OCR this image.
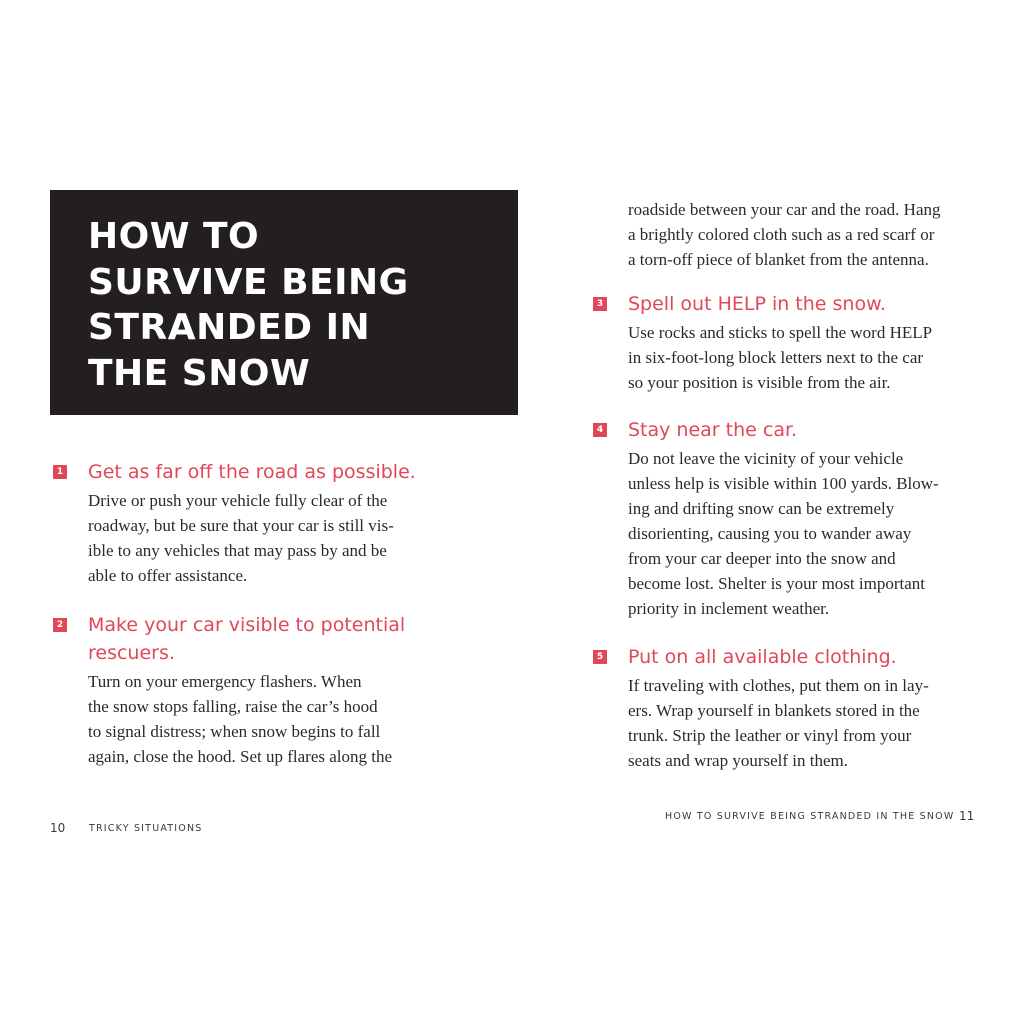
HOW TO
SURVIVE BEING
STRANDED IN
THE SNOW
1 Get as far off the road as possible.
Drive or push your vehicle fully clear of the
roadway, but be sure that your car is still vis-
ible to any vehicles that may pass by and be
able to offer assistance.
2 Make your car visible to potential
rescuers.
Turn on your emergency flashers. When
the snow stops falling, raise the car’s hood
to signal distress; when snow begins to fall
again, close the hood. Set up flares along the
10 TRICKY SITUATIONS
roadside between your car and the road. Hang
a brightly colored cloth such as a red scarf or
a torn-off piece of blanket from the antenna.
3 Spell out HELP in the snow.
Use rocks and sticks to spell the word HELP
in six-foot-long block letters next to the car
so your position is visible from the air.
4 Stay near the car.
Do not leave the vicinity of your vehicle
unless help is visible within 100 yards. Blow-
ing and drifting snow can be extremely
disorienting, causing you to wander away
from your car deeper into the snow and
become lost. Shelter is your most important
priority in inclement weather.
5 Put on all available clothing.
If traveling with clothes, put them on in lay-
ers. Wrap yourself in blankets stored in the
trunk. Strip the leather or vinyl from your
seats and wrap yourself in them.
HOW TO SURVIVE BEING STRANDED IN THE SNOW 11
